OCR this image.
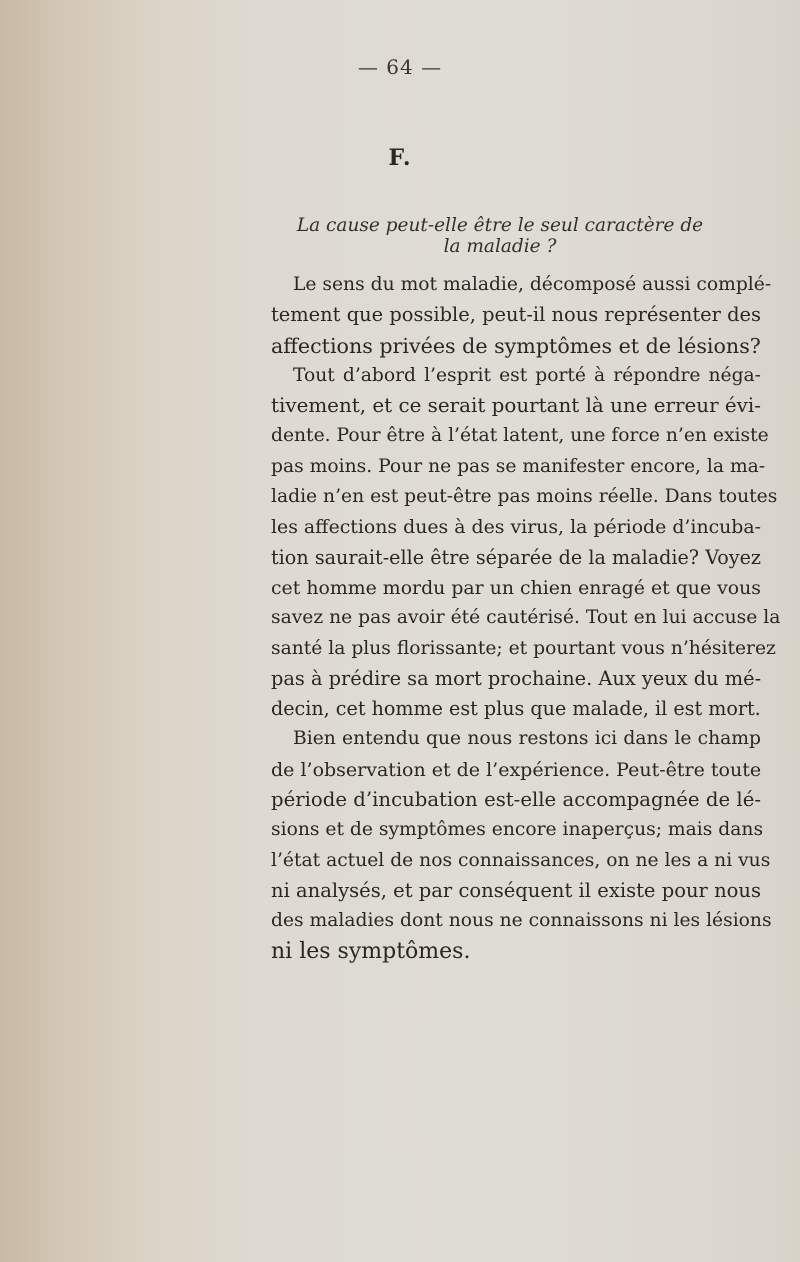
— 64 —
F.
La cause peut-elle être le seul caractère de la maladie ?

Le sens du mot maladie, décomposé aussi complé-
tement que possible, peut-il nous représenter des
affections privées de symptômes et de lésions?

Tout d’abord l’esprit est porté à répondre néga-
tivement, et ce serait pourtant là une erreur évi-
dente. Pour être à l’état latent, une force n’en existe
pas moins. Pour ne pas se manifester encore, la ma-
ladie n’en est peut-être pas moins réelle. Dans toutes
les affections dues à des virus, la période d’incuba-
tion saurait-elle être séparée de la maladie? Voyez
cet homme mordu par un chien enragé et que vous
savez ne pas avoir été cautérisé. Tout en lui accuse la
santé la plus florissante; et pourtant vous n’hésiterez
pas à prédire sa mort prochaine. Aux yeux du mé-
decin, cet homme est plus que malade, il est mort.

Bien entendu que nous restons ici dans le champ
de l’observation et de l’expérience. Peut-être toute
période d’incubation est-elle accompagnée de lé-
sions et de symptômes encore inaperçus; mais dans
l’état actuel de nos connaissances, on ne les a ni vus
ni analysés, et par conséquent il existe pour nous
des maladies dont nous ne connaissons ni les lésions
ni les symptômes.
